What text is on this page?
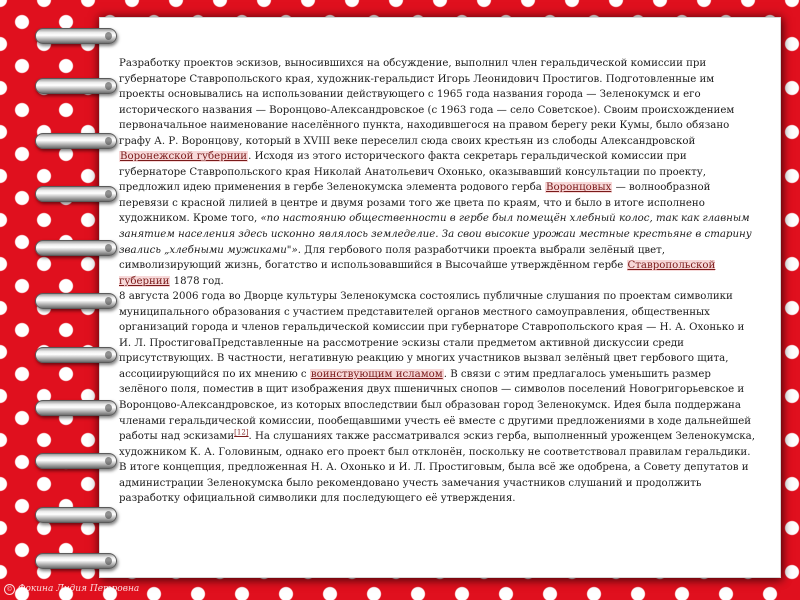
Разработку проектов эскизов, выносившихся на обсуждение, выполнил член геральдической комиссии при губернаторе Ставропольского края, художник-геральдист Игорь Леонидович Простигов. Подготовленные им проекты основывались на использовании действующего с 1965 года названия города — Зеленокумск и его исторического названия — Воронцово-Александровское (с 1963 года — село Советское). Своим происхождением первоначальное наименование населённого пункта, находившегося на правом берегу реки Кумы, было обязано графу А. Р. Воронцову, который в XVIII веке переселил сюда своих крестьян из слободы Александровской Воронежской губернии. Исходя из этого исторического факта секретарь геральдической комиссии при губернаторе Ставропольского края Николай Анатольевич Охонько, оказывавший консультации по проекту, предложил идею применения в гербе Зеленокумска элемента родового герба Воронцовых — волнообразной перевязи с красной лилией в центре и двумя розами того же цвета по краям, что и было в итоге исполнено художником. Кроме того, «по настоянию общественности в гербе был помещён хлебный колос, так как главным занятием населения здесь исконно являлось земледелие. За свои высокие урожаи местные крестьяне в старину звались „хлебными мужиками"». Для гербового поля разработчики проекта выбрали зелёный цвет, символизирующий жизнь, богатство и использовавшийся в Высочайше утверждённом гербе Ставропольской губернии 1878 год.

8 августа 2006 года во Дворце культуры Зеленокумска состоялись публичные слушания по проектам символики муниципального образования с участием представителей органов местного самоуправления, общественных организаций города и членов геральдической комиссии при губернаторе Ставропольского края — Н. А. Охонько и И. Л. ПростиговаПредставленные на рассмотрение эскизы стали предметом активной дискуссии среди присутствующих. В частности, негативную реакцию у многих участников вызвал зелёный цвет гербового щита, ассоциирующийся по их мнению с воинствующим исламом. В связи с этим предлагалось уменьшить размер зелёного поля, поместив в щит изображения двух пшеничных снопов — символов поселений Новогригорьевское и Воронцово-Александровское, из которых впоследствии был образован город Зеленокумск. Идея была поддержана членами геральдической комиссии, пообещавшими учесть её вместе с другими предложениями в ходе дальнейшей работы над эскизами[12]. На слушаниях также рассматривался эскиз герба, выполненный уроженцем Зеленокумска, художником К. А. Головиным, однако его проект был отклонён, поскольку не соответствовал правилам геральдики. В итоге концепция, предложенная Н. А. Охонько и И. Л. Простиговым, была всё же одобрена, а Совету депутатов и администрации Зеленокумска было рекомендовано учесть замечания участников слушаний и продолжить разработку официальной символики для последующего её утверждения.

© Фокина Лидия Петровна
